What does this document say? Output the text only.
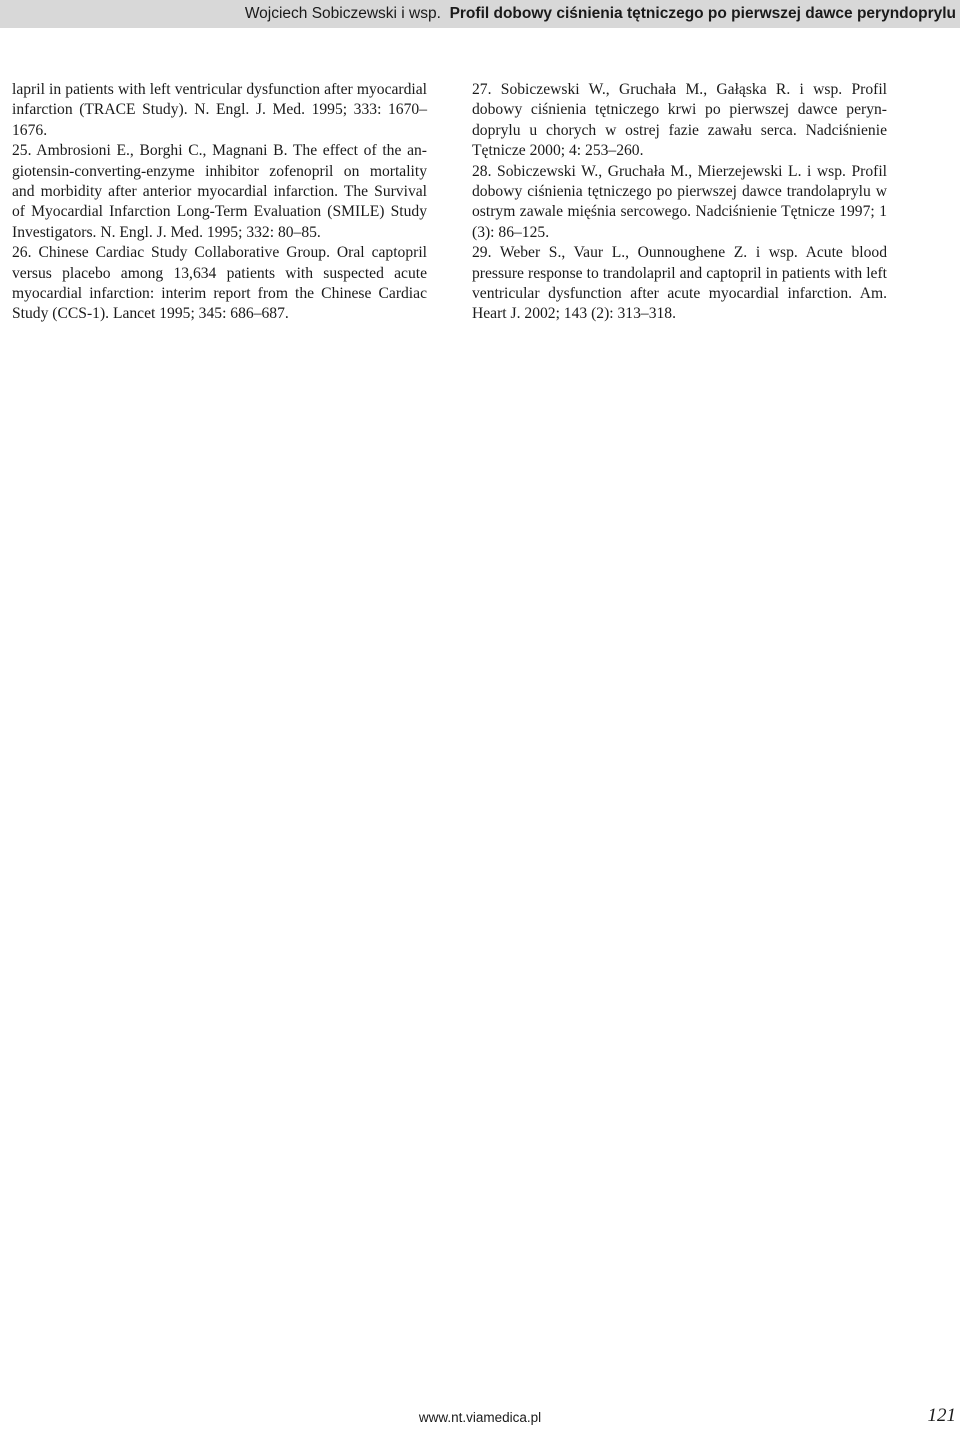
Wojciech Sobiczewski i wsp. Profil dobowy ciśnienia tętniczego po pierwszej dawce peryndoprylu

lapril in patients with left ventricular dysfunction after myocardial infarction (TRACE Study). N. Engl. J. Med. 1995; 333: 1670–1676.

25. Ambrosioni E., Borghi C., Magnani B. The effect of the angiotensin-converting-enzyme inhibitor zofenopril on mortality and morbidity after anterior myocardial infarction. The Survival of Myocardial Infarction Long-Term Evaluation (SMILE) Study Investigators. N. Engl. J. Med. 1995; 332: 80–85.

26. Chinese Cardiac Study Collaborative Group. Oral captopril versus placebo among 13,634 patients with suspected acute myocardial infarction: interim report from the Chinese Cardiac Study (CCS-1). Lancet 1995; 345: 686–687.

27. Sobiczewski W., Gruchała M., Gałąska R. i wsp. Profil dobowy ciśnienia tętniczego krwi po pierwszej dawce peryndoprylu u chorych w ostrej fazie zawału serca. Nadciśnienie Tętnicze 2000; 4: 253–260.

28. Sobiczewski W., Gruchała M., Mierzejewski L. i wsp. Profil dobowy ciśnienia tętniczego po pierwszej dawce trandolaprylu w ostrym zawale mięśnia sercowego. Nadciśnienie Tętnicze 1997; 1 (3): 86–125.

29. Weber S., Vaur L., Ounnoughene Z. i wsp. Acute blood pressure response to trandolapril and captopril in patients with left ventricular dysfunction after acute myocardial infarction. Am. Heart J. 2002; 143 (2): 313–318.

www.nt.viamedica.pl	121
